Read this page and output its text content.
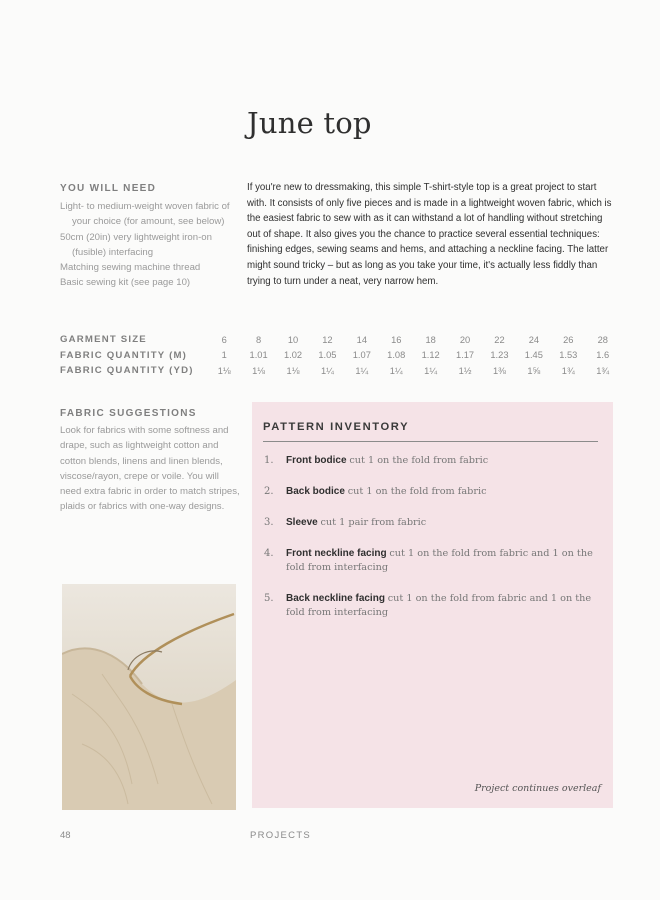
June top
YOU WILL NEED
Light- to medium-weight woven fabric of your choice (for amount, see below)
50cm (20in) very lightweight iron-on (fusible) interfacing
Matching sewing machine thread
Basic sewing kit (see page 10)
If you're new to dressmaking, this simple T-shirt-style top is a great project to start with. It consists of only five pieces and is made in a lightweight woven fabric, which is the easiest fabric to sew with as it can withstand a lot of handling without stretching out of shape. It also gives you the chance to practice several essential techniques: finishing edges, sewing seams and hems, and attaching a neckline facing. The latter might sound tricky – but as long as you take your time, it's actually less fiddly than trying to turn under a neat, very narrow hem.
GARMENT SIZE	6	8	10	12	14	16	18	20	22	24	26	28
FABRIC QUANTITY (M)	1	1.01	1.02	1.05	1.07	1.08	1.12	1.17	1.23	1.45	1.53	1.6
FABRIC QUANTITY (YD)	1⅛	1⅛	1⅛	1¼	1¼	1¼	1¼	1½	1⅜	1⅝	1¾	1¾
FABRIC SUGGESTIONS

Look for fabrics with some softness and drape, such as lightweight cotton and cotton blends, linens and linen blends, viscose/rayon, crepe or voile. You will need extra fabric in order to match stripes, plaids or fabrics with one-way designs.

PATTERN INVENTORY
1. Front bodice cut 1 on the fold from fabric
2. Back bodice cut 1 on the fold from fabric
3. Sleeve cut 1 pair from fabric
4. Front neckline facing cut 1 on the fold from fabric and 1 on the fold from interfacing
5. Back neckline facing cut 1 on the fold from fabric and 1 on the fold from interfacing
Project continues overleaf
48	PROJECTS
